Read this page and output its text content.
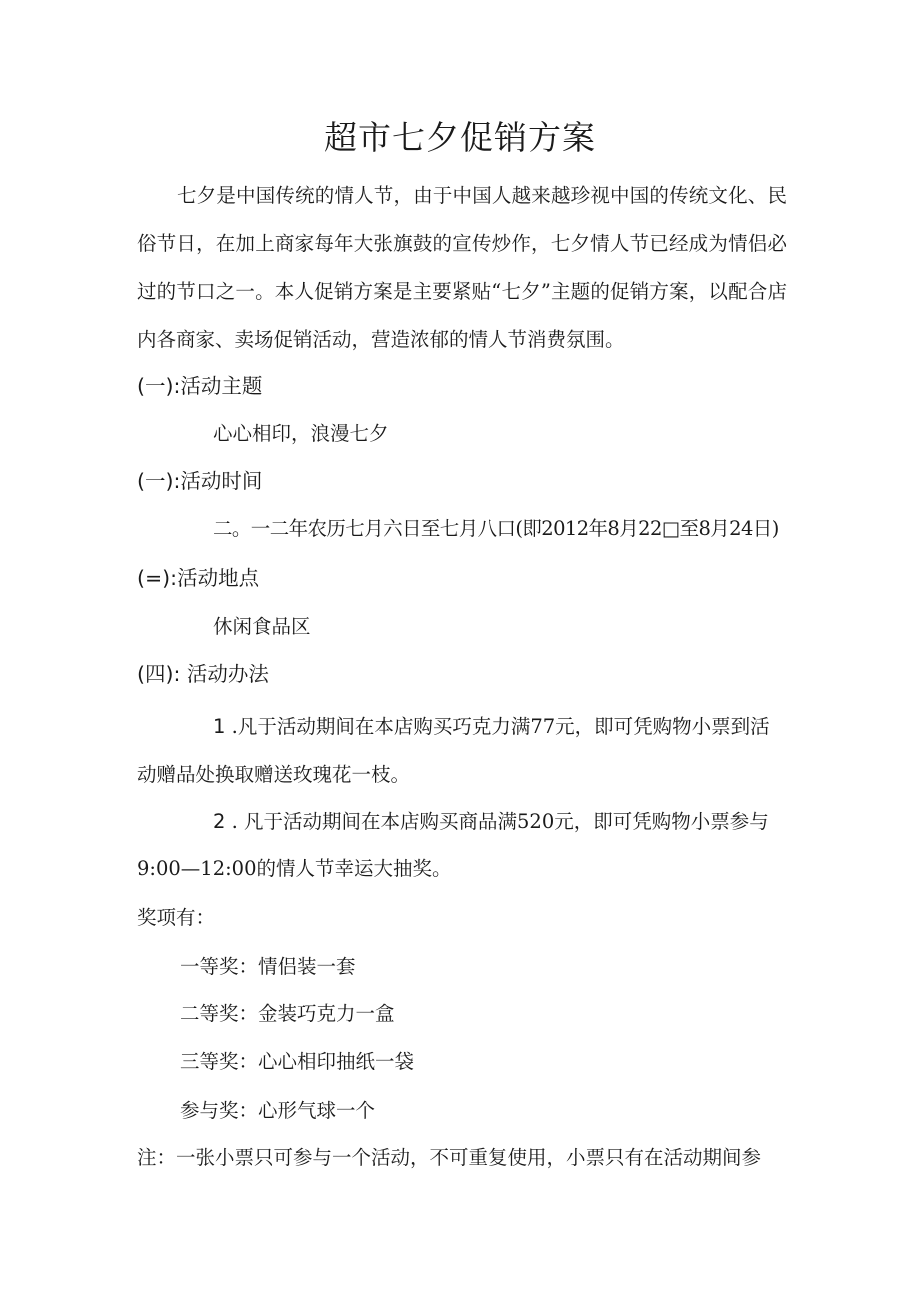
超市七夕促销方案

七夕是中国传统的情人节，由于中国人越来越珍视中国的传统文化、民俗节日，在加上商家每年大张旗鼓的宣传炒作，七夕情人节已经成为情侣必过的节口之一。本人促销方案是主要紧贴“七夕”主题的促销方案，以配合店内各商家、卖场促销活动，营造浓郁的情人节消费氛围。

(一):活动主题

心心相印，浪漫七夕

(一):活动时间

二。一二年农历七月六日至七月八口(即2012年8月22□至8月24日)

(=):活动地点

休闲食品区

(四): 活动办法

1 .凡于活动期间在本店购买巧克力满77元，即可凭购物小票到活

动赠品处换取赠送玫瑰花一枝。

2 . 凡于活动期间在本店购买商品满520元，即可凭购物小票参与

9:00—12:00的情人节幸运大抽奖。

奖项有：

一等奖：情侣装一套

二等奖：金装巧克力一盒

三等奖：心心相印抽纸一袋

参与奖：心形气球一个

注：一张小票只可参与一个活动，不可重复使用，小票只有在活动期间参
